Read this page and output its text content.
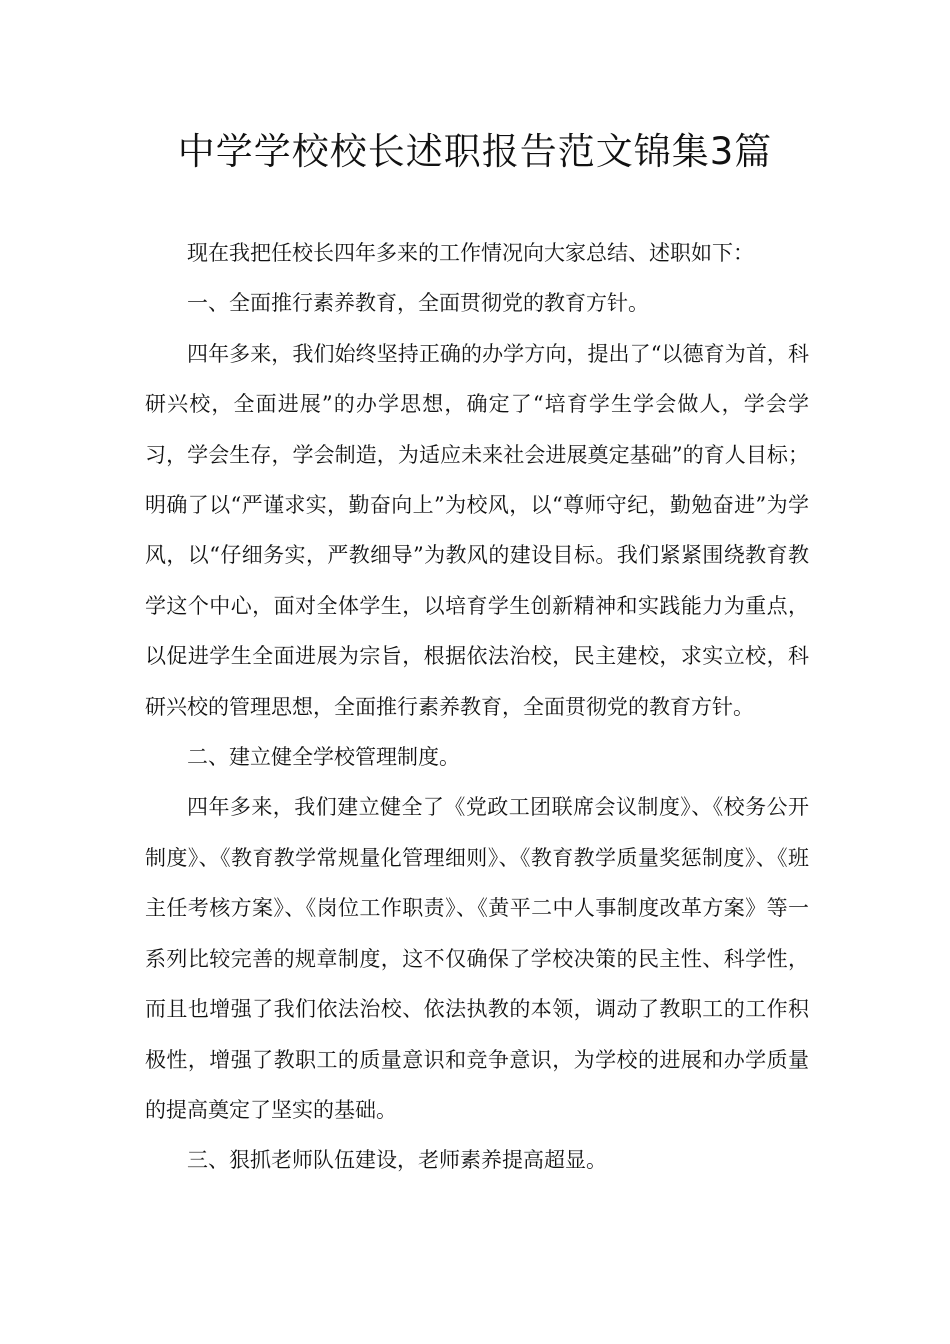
中学学校校长述职报告范文锦集3篇

现在我把任校长四年多来的工作情况向大家总结、述职如下：

一、全面推行素养教育，全面贯彻党的教育方针。

四年多来，我们始终坚持正确的办学方向，提出了“以德育为首，科研兴校，全面进展”的办学思想，确定了“培育学生学会做人，学会学习，学会生存，学会制造，为适应未来社会进展奠定基础”的育人目标；明确了以“严谨求实，勤奋向上”为校风，以“尊师守纪，勤勉奋进”为学风，以“仔细务实，严教细导”为教风的建设目标。我们紧紧围绕教育教学这个中心，面对全体学生，以培育学生创新精神和实践能力为重点，以促进学生全面进展为宗旨，根据依法治校，民主建校，求实立校，科研兴校的管理思想，全面推行素养教育，全面贯彻党的教育方针。

二、建立健全学校管理制度。

四年多来，我们建立健全了《党政工团联席会议制度》、《校务公开制度》、《教育教学常规量化管理细则》、《教育教学质量奖惩制度》、《班主任考核方案》、《岗位工作职责》、《黄平二中人事制度改革方案》等一系列比较完善的规章制度，这不仅确保了学校决策的民主性、科学性，而且也增强了我们依法治校、依法执教的本领，调动了教职工的工作积极性，增强了教职工的质量意识和竞争意识，为学校的进展和办学质量的提高奠定了坚实的基础。

三、狠抓老师队伍建设，老师素养提高超显。
